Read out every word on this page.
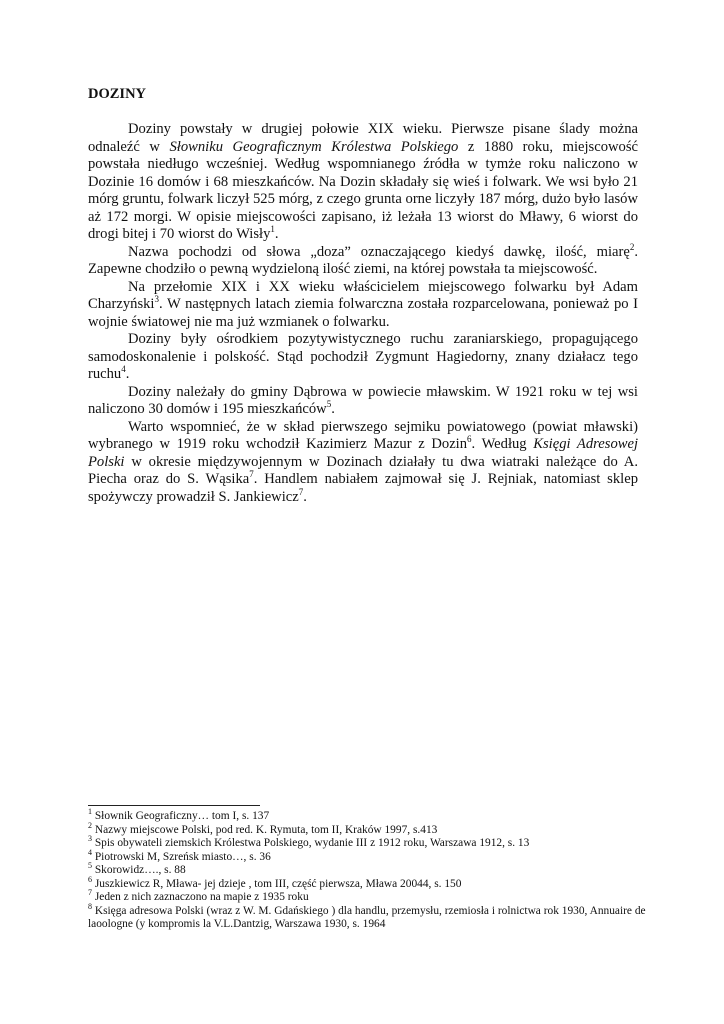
DOZINY

Doziny powstały w drugiej połowie XIX wieku. Pierwsze pisane ślady można odnaleźć w Słowniku Geograficznym Królestwa Polskiego z 1880 roku, miejscowość powstała niedługo wcześniej. Według wspomnianego źródła w tymże roku naliczono w Dozinie 16 domów i 68 mieszkańców. Na Dozin składały się wieś i folwark. We wsi było 21 mórg gruntu, folwark liczył 525 mórg, z czego grunta orne liczyły 187 mórg, dużo było lasów aż 172 morgi. W opisie miejscowości zapisano, iż leżała 13 wiorst do Mławy, 6 wiorst do drogi bitej i 70 wiorst do Wisły$^1$.

Nazwa pochodzi od słowa „doza” oznaczającego kiedyś dawkę, ilość, miarę$^2$. Zapewne chodziło o pewną wydzieloną ilość ziemi, na której powstała ta miejscowość.

Na przełomie XIX i XX wieku właścicielem miejscowego folwarku był Adam Charzyński$^3$. W następnych latach ziemia folwarczna została rozparcelowana, ponieważ po I wojnie światowej nie ma już wzmianek o folwarku.

Doziny były ośrodkiem pozytywistycznego ruchu zaraniarskiego, propagującego samodoskonalenie i polskość. Stąd pochodził Zygmunt Hagiedorny, znany działacz tego ruchu$^4$.

Doziny należały do gminy Dąbrowa w powiecie mławskim. W 1921 roku w tej wsi naliczono 30 domów i 195 mieszkańców$^5$.

Warto wspomnieć, że w skład pierwszego sejmiku powiatowego (powiat mławski) wybranego w 1919 roku wchodził Kazimierz Mazur z Dozin$^6$. Według Księgi Adresowej Polski w okresie międzywojennym w Dozinach działały tu dwa wiatraki należące do A. Piecha oraz do S. Wąsika$^7$. Handlem nabiałem zajmował się J. Rejniak, natomiast sklep spożywczy prowadził S. Jankiewicz$^7$.

$^1$ Słownik Geograficzny… tom I, s. 137

$^2$ Nazwy miejscowe Polski, pod red. K. Rymuta, tom II, Kraków 1997, s.413

$^3$ Spis obywateli ziemskich Królestwa Polskiego, wydanie III z 1912 roku, Warszawa 1912, s. 13

$^4$ Piotrowski M, Szreńsk miasto…, s. 36

$^5$ Skorowidz…., s. 88

$^6$ Juszkiewicz R, Mława- jej dzieje , tom III, część pierwsza, Mława 20044, s. 150

$^7$ Jeden z nich zaznaczono na mapie z 1935 roku

$^8$ Księga adresowa Polski (wraz z W. M. Gdańskiego ) dla handlu, przemysłu, rzemiosła i rolnictwa rok 1930, Annuaire de laoologne (y kompromis la V.L.Dantzig, Warszawa 1930, s. 1964
